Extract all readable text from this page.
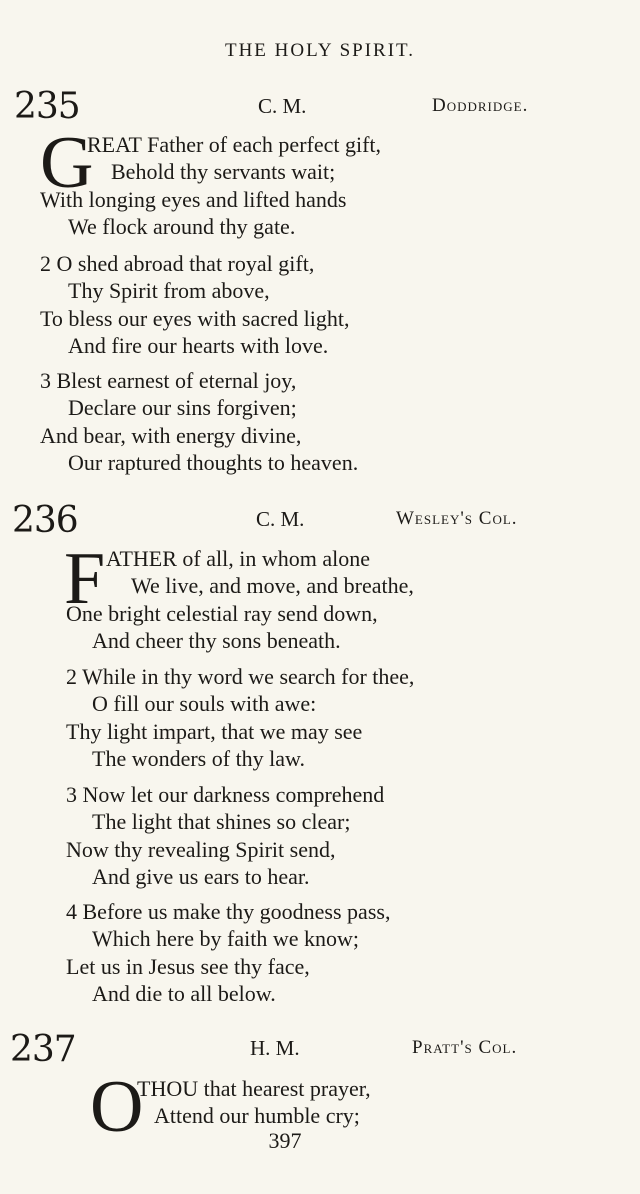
THE HOLY SPIRIT.
235	C. M.	Doddridge.
G
REAT Father of each perfect gift,
Behold thy servants wait;
With longing eyes and lifted hands
We flock around thy gate.
2 O shed abroad that royal gift,
Thy Spirit from above,
To bless our eyes with sacred light,
And fire our hearts with love.
3 Blest earnest of eternal joy,
Declare our sins forgiven;
And bear, with energy divine,
Our raptured thoughts to heaven.
236	C. M.	Wesley's Col.
F ATHER of all, in whom alone
We live, and move, and breathe,
One bright celestial ray send down,
And cheer thy sons beneath.
2 While in thy word we search for thee,
O fill our souls with awe:
Thy light impart, that we may see
The wonders of thy law.
3 Now let our darkness comprehend
The light that shines so clear;
Now thy revealing Spirit send,
And give us ears to hear.
4 Before us make thy goodness pass,
Which here by faith we know;
Let us in Jesus see thy face,
And die to all below.
237	H. M.	Pratt's Col.
O
THOU that hearest prayer,
Attend our humble cry;
397
